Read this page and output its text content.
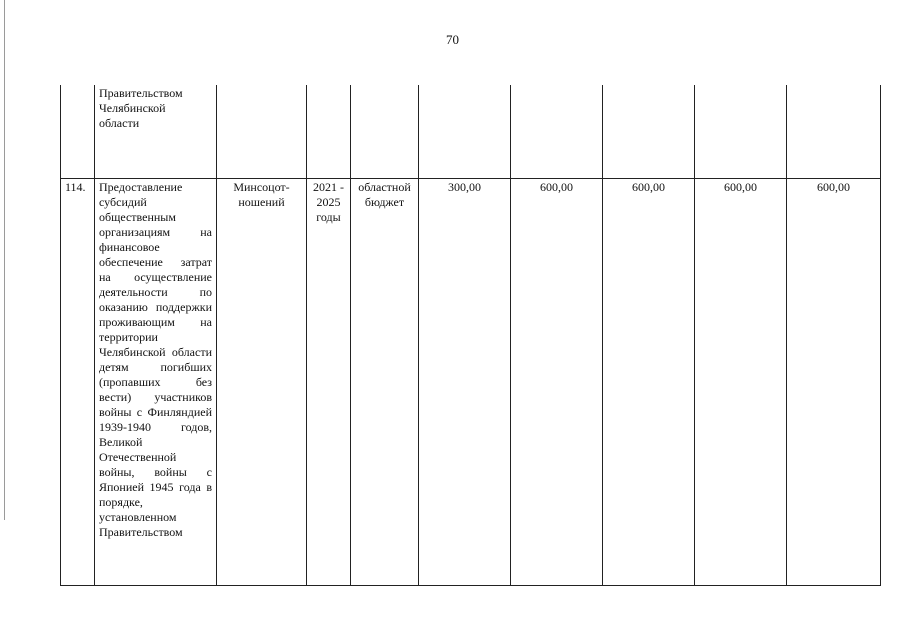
70

	Правительством
Челябинской
области								

114.	Предоставление субсидий общественным организациям на финансовое обеспечение затрат на осуществление деятельности по оказанию поддержки проживающим на территории Челябинской области детям погибших (пропавших без вести) участников войны с Финляндией 1939-1940 годов, Великой Отечественной войны, войны с Японией 1945 года в порядке, установленном Правительством	Минсоцот-ношений	2021 - 2025 годы	областной бюджет	300,00	600,00	600,00	600,00	600,00
